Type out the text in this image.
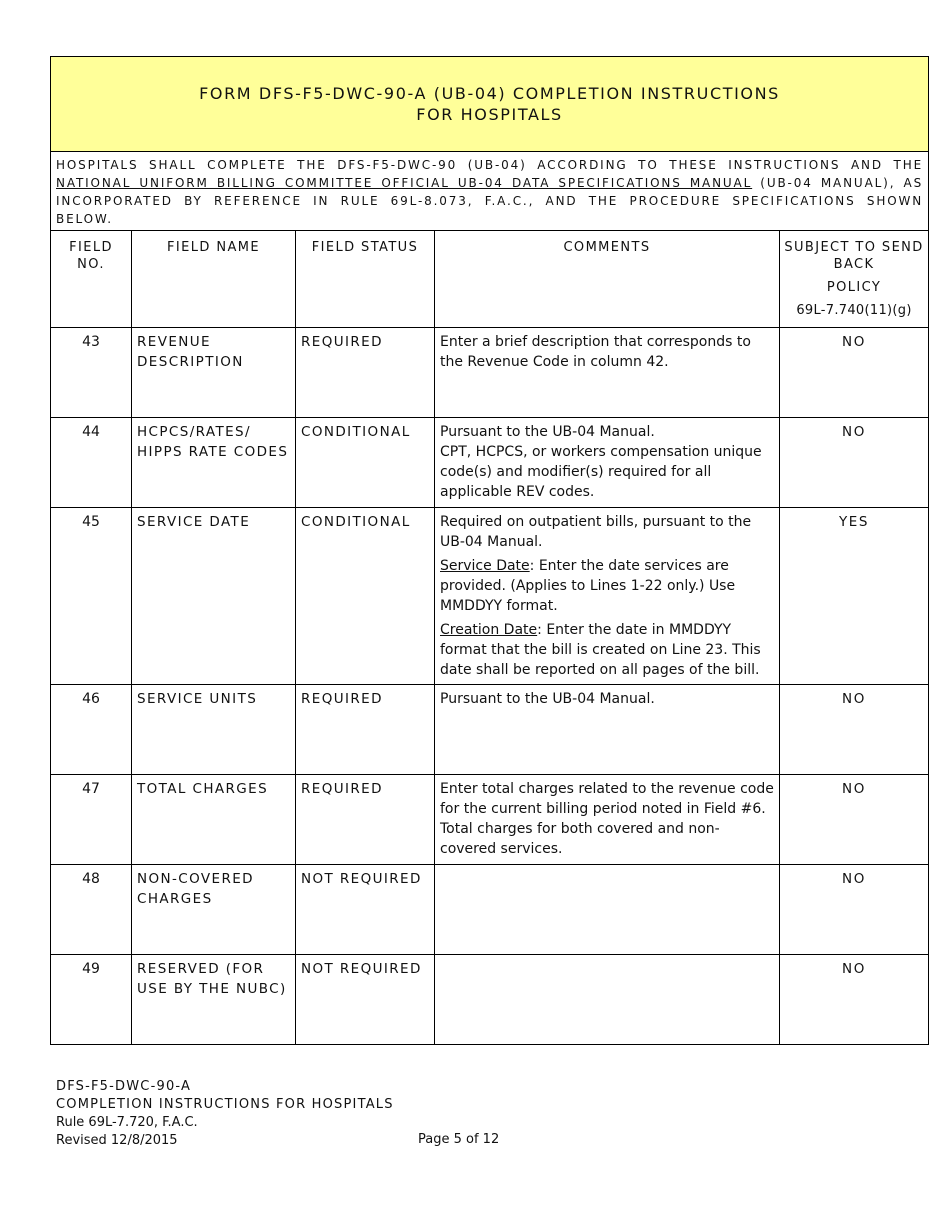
FORM DFS-F5-DWC-90-A (UB-04) COMPLETION INSTRUCTIONS
FOR HOSPITALS				

HOSPITALS SHALL COMPLETE THE DFS-F5-DWC-90 (UB-04) ACCORDING TO THESE INSTRUCTIONS AND THE NATIONAL UNIFORM BILLING COMMITTEE OFFICIAL UB-04 DATA SPECIFICATIONS MANUAL (UB-04 MANUAL), AS INCORPORATED BY REFERENCE IN RULE 69L-8.073, F.A.C., AND THE PROCEDURE SPECIFICATIONS SHOWN BELOW.				
FIELD NO.	FIELD NAME	FIELD STATUS	COMMENTS	SUBJECT TO SEND BACK
POLICY
69L-7.740(11)(g)

43	REVENUE DESCRIPTION	REQUIRED	Enter a brief description that corresponds to the Revenue Code in column 42.	NO
44	HCPCS/RATES/ HIPPS RATE CODES	CONDITIONAL	Pursuant to the UB-04 Manual.
CPT, HCPCS, or workers compensation unique code(s) and modifier(s) required for all applicable REV codes.	NO
45	SERVICE DATE	CONDITIONAL	Required on outpatient bills, pursuant to the UB-04 Manual.

Service Date: Enter the date services are provided. (Applies to Lines 1-22 only.) Use MMDDYY format.

Creation Date: Enter the date in MMDDYY format that the bill is created on Line 23. This date shall be reported on all pages of the bill.	YES
46	SERVICE UNITS	REQUIRED	Pursuant to the UB-04 Manual.	NO
47	TOTAL CHARGES	REQUIRED	Enter total charges related to the revenue code for the current billing period noted in Field #6. Total charges for both covered and non-covered services.	NO
48	NON-COVERED CHARGES	NOT REQUIRED		NO
49	RESERVED (FOR USE BY THE NUBC)	NOT REQUIRED		NO
DFS-F5-DWC-90-A
COMPLETION INSTRUCTIONS FOR HOSPITALS
Rule 69L-7.720, F.A.C.
Revised 12/8/2015	Page 5 of 12
